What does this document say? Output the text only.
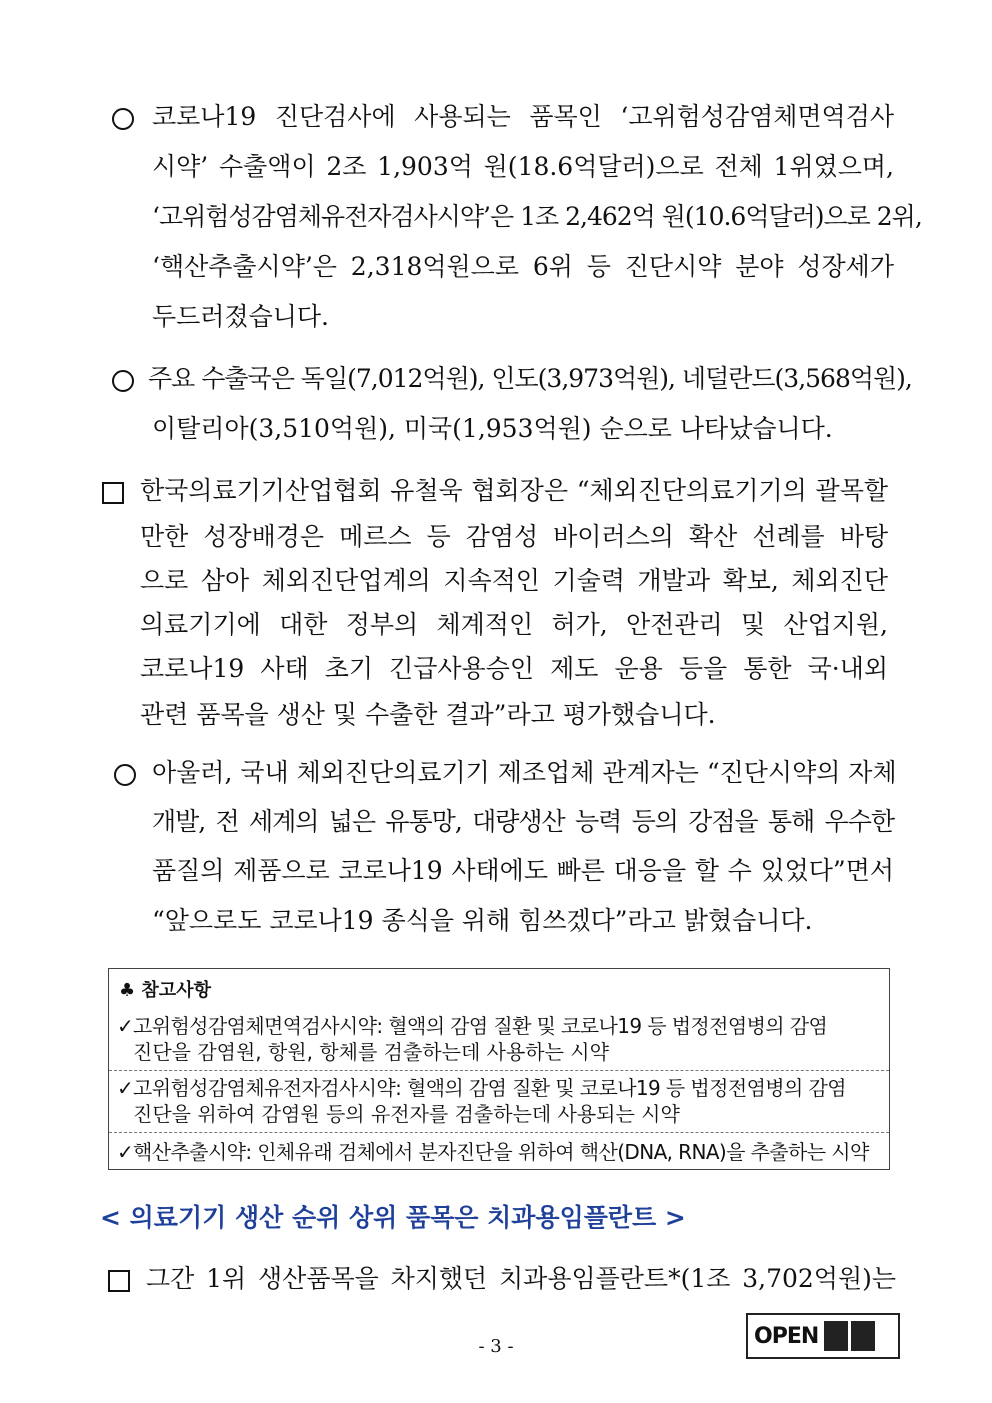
코로나19 진단검사에 사용되는 품목인 ‘고위험성감염체면역검사
시약’ 수출액이 2조 1,903억 원(18.6억달러)으로 전체 1위였으며,
‘고위험성감염체유전자검사시약’은 1조 2,462억 원(10.6억달러)으로 2위,
‘핵산추출시약’은 2,318억원으로 6위 등 진단시약 분야 성장세가
두드러졌습니다.
주요 수출국은 독일(7,012억원), 인도(3,973억원), 네덜란드(3,568억원),
이탈리아(3,510억원), 미국(1,953억원) 순으로 나타났습니다.
한국의료기기산업협회 유철욱 협회장은 “체외진단의료기기의 괄목할
만한 성장배경은 메르스 등 감염성 바이러스의 확산 선례를 바탕
으로 삼아 체외진단업계의 지속적인 기술력 개발과 확보, 체외진단
의료기기에 대한 정부의 체계적인 허가, 안전관리 및 산업지원,
코로나19 사태 초기 긴급사용승인 제도 운용 등을 통한 국·내외
관련 품목을 생산 및 수출한 결과”라고 평가했습니다.
아울러, 국내 체외진단의료기기 제조업체 관계자는 “진단시약의 자체
개발, 전 세계의 넓은 유통망, 대량생산 능력 등의 강점을 통해 우수한
품질의 제품으로 코로나19 사태에도 빠른 대응을 할 수 있었다”면서
“앞으로도 코로나19 종식을 위해 힘쓰겠다”라고 밝혔습니다.
♣ 참고사항
✓고위험성감염체면역검사시약: 혈액의 감염 질환 및 코로나19 등 법정전염병의 감염
진단을 감염원, 항원, 항체를 검출하는데 사용하는 시약
✓고위험성감염체유전자검사시약: 혈액의 감염 질환 및 코로나19 등 법정전염병의 감염
진단을 위하여 감염원 등의 유전자를 검출하는데 사용되는 시약
✓핵산추출시약: 인체유래 검체에서 분자진단을 위하여 핵산(DNA, RNA)을 추출하는 시약
< 의료기기 생산 순위 상위 품목은 치과용임플란트 >
그간 1위 생산품목을 차지했던 치과용임플란트*(1조 3,702억원)는
OPEN
- 3 -
